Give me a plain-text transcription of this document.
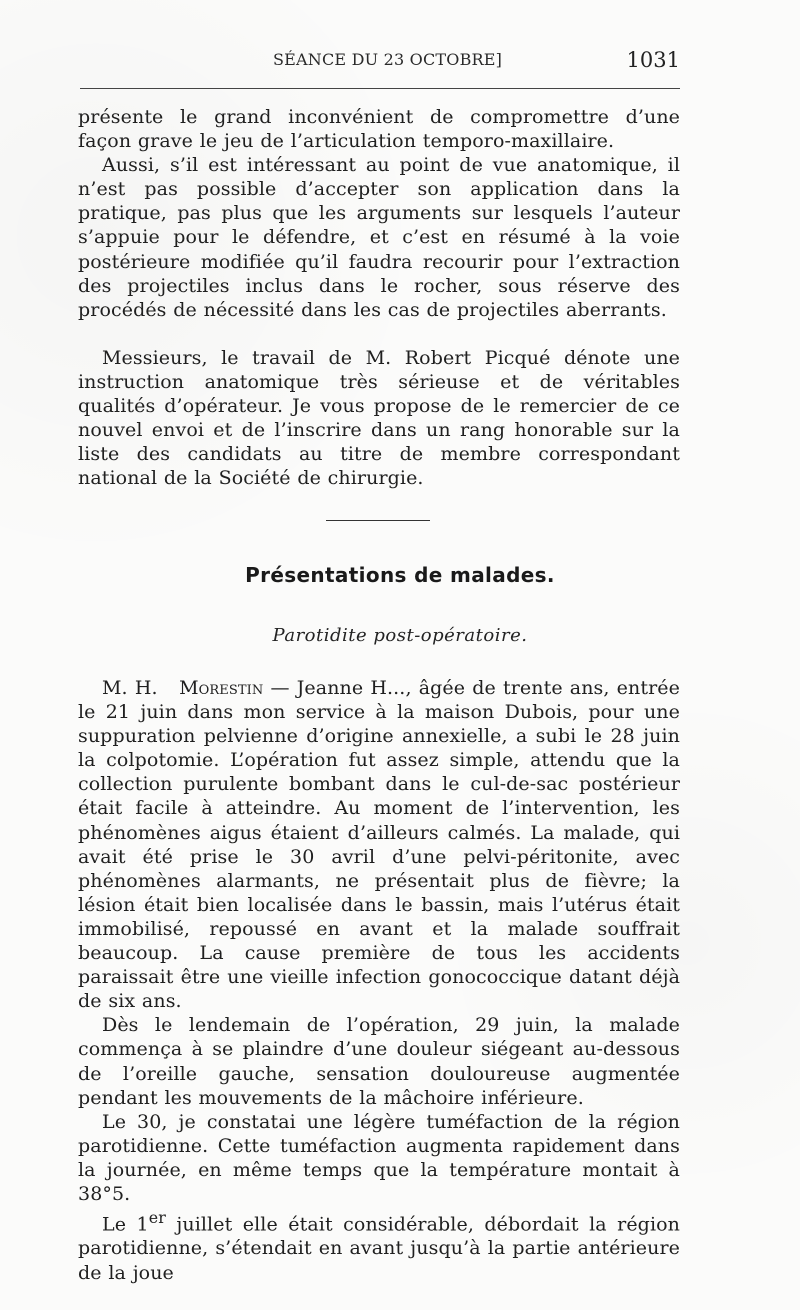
SÉANCE DU 23 OCTOBRE]	1031

présente le grand inconvénient de compromettre d’une façon grave le jeu de l’articulation temporo-maxillaire.

Aussi, s’il est intéressant au point de vue anatomique, il n’est pas possible d’accepter son application dans la pratique, pas plus que les arguments sur lesquels l’auteur s’appuie pour le défendre, et c’est en résumé à la voie postérieure modifiée qu’il faudra recourir pour l’extraction des projectiles inclus dans le rocher, sous réserve des procédés de nécessité dans les cas de projectiles aberrants.

Messieurs, le travail de M. Robert Picqué dénote une instruction anatomique très sérieuse et de véritables qualités d’opérateur. Je vous propose de le remercier de ce nouvel envoi et de l’inscrire dans un rang honorable sur la liste des candidats au titre de membre correspondant national de la Société de chirurgie.

Présentations de malades.
Parotidite post-opératoire.

M. H. Morestin — Jeanne H..., âgée de trente ans, entrée le 21 juin dans mon service à la maison Dubois, pour une suppuration pelvienne d’origine annexielle, a subi le 28 juin la colpotomie. L’opération fut assez simple, attendu que la collection purulente bombant dans le cul-de-sac postérieur était facile à atteindre. Au moment de l’intervention, les phénomènes aigus étaient d’ailleurs calmés. La malade, qui avait été prise le 30 avril d’une pelvi-péritonite, avec phénomènes alarmants, ne présentait plus de fièvre; la lésion était bien localisée dans le bassin, mais l’utérus était immobilisé, repoussé en avant et la malade souffrait beaucoup. La cause première de tous les accidents paraissait être une vieille infection gonococcique datant déjà de six ans.

Dès le lendemain de l’opération, 29 juin, la malade commença à se plaindre d’une douleur siégeant au-dessous de l’oreille gauche, sensation douloureuse augmentée pendant les mouvements de la mâchoire inférieure.

Le 30, je constatai une légère tuméfaction de la région parotidienne. Cette tuméfaction augmenta rapidement dans la journée, en même temps que la température montait à 38°5.

Le 1er juillet elle était considérable, débordait la région parotidienne, s’étendait en avant jusqu’à la partie antérieure de la joue
